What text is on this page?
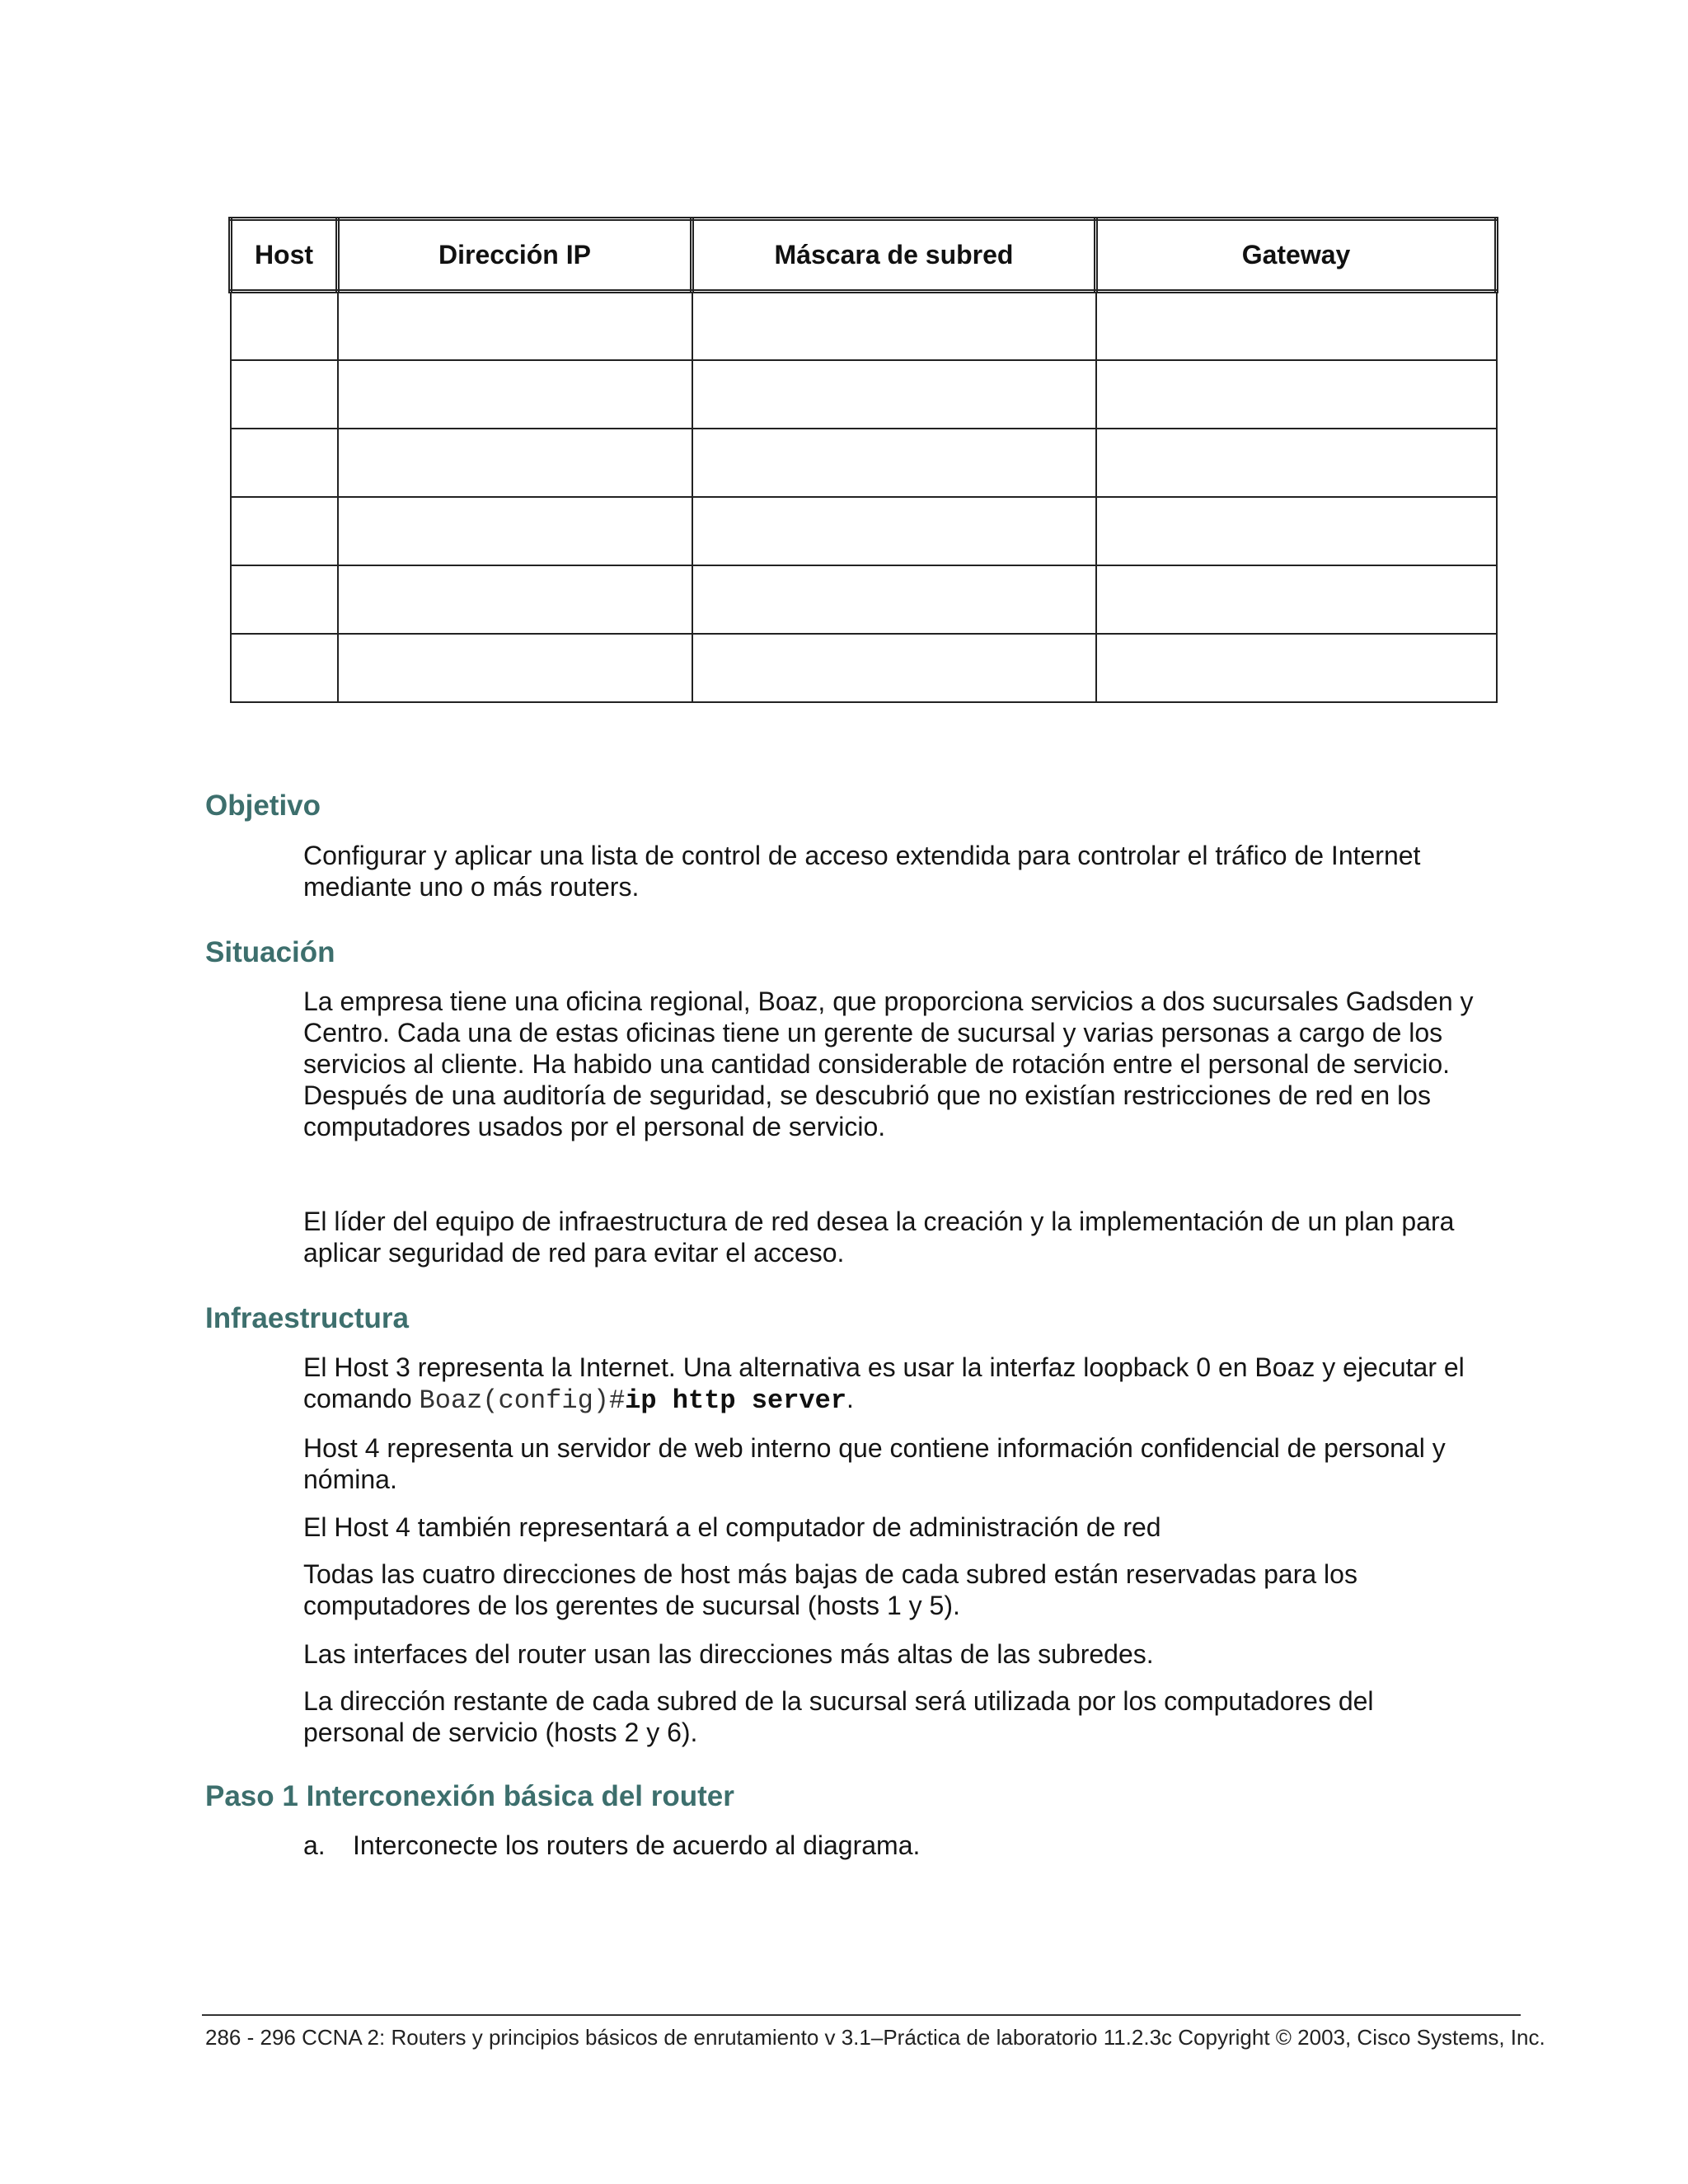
Host	Dirección IP	Máscara de subred	Gateway

Objetivo
Configurar y aplicar una lista de control de acceso extendida para controlar el tráfico de Internet
mediante uno o más routers.
Situación
La empresa tiene una oficina regional, Boaz, que proporciona servicios a dos sucursales Gadsden y
Centro. Cada una de estas oficinas tiene un gerente de sucursal y varias personas a cargo de los
servicios al cliente. Ha habido una cantidad considerable de rotación entre el personal de servicio.
Después de una auditoría de seguridad, se descubrió que no existían restricciones de red en los
computadores usados por el personal de servicio.
El líder del equipo de infraestructura de red desea la creación y la implementación de un plan para
aplicar seguridad de red para evitar el acceso.
Infraestructura
El Host 3 representa la Internet. Una alternativa es usar la interfaz loopback 0 en Boaz y ejecutar el
comando Boaz(config)#ip http server.
Host 4 representa un servidor de web interno que contiene información confidencial de personal y
nómina.
El Host 4 también representará a el computador de administración de red
Todas las cuatro direcciones de host más bajas de cada subred están reservadas para los
computadores de los gerentes de sucursal (hosts 1 y 5).
Las interfaces del router usan las direcciones más altas de las subredes.
La dirección restante de cada subred de la sucursal será utilizada por los computadores del
personal de servicio (hosts 2 y 6).
Paso 1 Interconexión básica del router
a. Interconecte los routers de acuerdo al diagrama.
286 - 296 CCNA 2: Routers y principios básicos de enrutamiento v 3.1–Práctica de laboratorio 11.2.3c Copyright © 2003, Cisco Systems, Inc.
